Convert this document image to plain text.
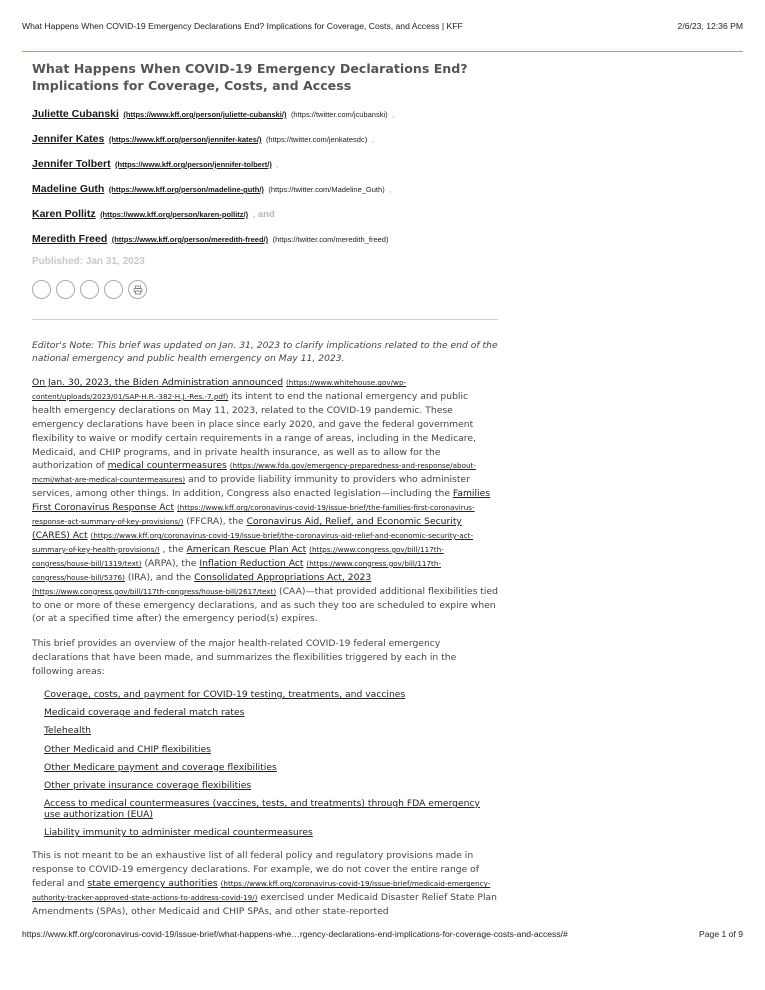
What Happens When COVID-19 Emergency Declarations End? Implications for Coverage, Costs, and Access | KFF	2/6/23, 12:36 PM
What Happens When COVID-19 Emergency Declarations End? Implications for Coverage, Costs, and Access
Juliette Cubanski (https://www.kff.org/person/juliette-cubanski/) (https://twitter.com/jcubanski) ,
Jennifer Kates (https://www.kff.org/person/jennifer-kates/) (https://twitter.com/jenkatesdc) ,
Jennifer Tolbert (https://www.kff.org/person/jennifer-tolbert/) ,
Madeline Guth (https://www.kff.org/person/madeline-guth/) (https://twitter.com/Madeline_Guth) ,
Karen Pollitz (https://www.kff.org/person/karen-pollitz/) , and
Meredith Freed (https://www.kff.org/person/meredith-freed/) (https://twitter.com/meredith_freed)
Published: Jan 31, 2023

Editor's Note: This brief was updated on Jan. 31, 2023 to clarify implications related to the end of the national emergency and public health emergency on May 11, 2023.

On Jan. 30, 2023, the Biden Administration announced (https://www.whitehouse.gov/wp-content/uploads/2023/01/SAP-H.R.-382-H.J.-Res.-7.pdf) its intent to end the national emergency and public health emergency declarations on May 11, 2023, related to the COVID-19 pandemic. These emergency declarations have been in place since early 2020, and gave the federal government flexibility to waive or modify certain requirements in a range of areas, including in the Medicare, Medicaid, and CHIP programs, and in private health insurance, as well as to allow for the authorization of medical countermeasures (https://www.fda.gov/emergency-preparedness-and-response/about-mcmi/what-are-medical-countermeasures) and to provide liability immunity to providers who administer services, among other things. In addition, Congress also enacted legislation—including the Families First Coronavirus Response Act (https://www.kff.org/coronavirus-covid-19/issue-brief/the-families-first-coronavirus-response-act-summary-of-key-provisions/) (FFCRA), the Coronavirus Aid, Relief, and Economic Security (CARES) Act (https://www.kff.org/coronavirus-covid-19/issue-brief/the-coronavirus-aid-relief-and-economic-security-act-summary-of-key-health-provisions/) , the American Rescue Plan Act (https://www.congress.gov/bill/117th-congress/house-bill/1319/text) (ARPA), the Inflation Reduction Act (https://www.congress.gov/bill/117th-congress/house-bill/5376) (IRA), and the Consolidated Appropriations Act, 2023 (https://www.congress.gov/bill/117th-congress/house-bill/2617/text) (CAA)—that provided additional flexibilities tied to one or more of these emergency declarations, and as such they too are scheduled to expire when (or at a specified time after) the emergency period(s) expires.

This brief provides an overview of the major health-related COVID-19 federal emergency declarations that have been made, and summarizes the flexibilities triggered by each in the following areas:

Coverage, costs, and payment for COVID-19 testing, treatments, and vaccines
Medicaid coverage and federal match rates
Telehealth
Other Medicaid and CHIP flexibilities
Other Medicare payment and coverage flexibilities
Other private insurance coverage flexibilities
Access to medical countermeasures (vaccines, tests, and treatments) through FDA emergency use authorization (EUA)
Liability immunity to administer medical countermeasures

This is not meant to be an exhaustive list of all federal policy and regulatory provisions made in response to COVID-19 emergency declarations. For example, we do not cover the entire range of federal and state emergency authorities (https://www.kff.org/coronavirus-covid-19/issue-brief/medicaid-emergency-authority-tracker-approved-state-actions-to-address-covid-19/) exercised under Medicaid Disaster Relief State Plan Amendments (SPAs), other Medicaid and CHIP SPAs, and other state-reported

https://www.kff.org/coronavirus-covid-19/issue-brief/what-happens-whe…rgency-declarations-end-implications-for-coverage-costs-and-access/#	Page 1 of 9
